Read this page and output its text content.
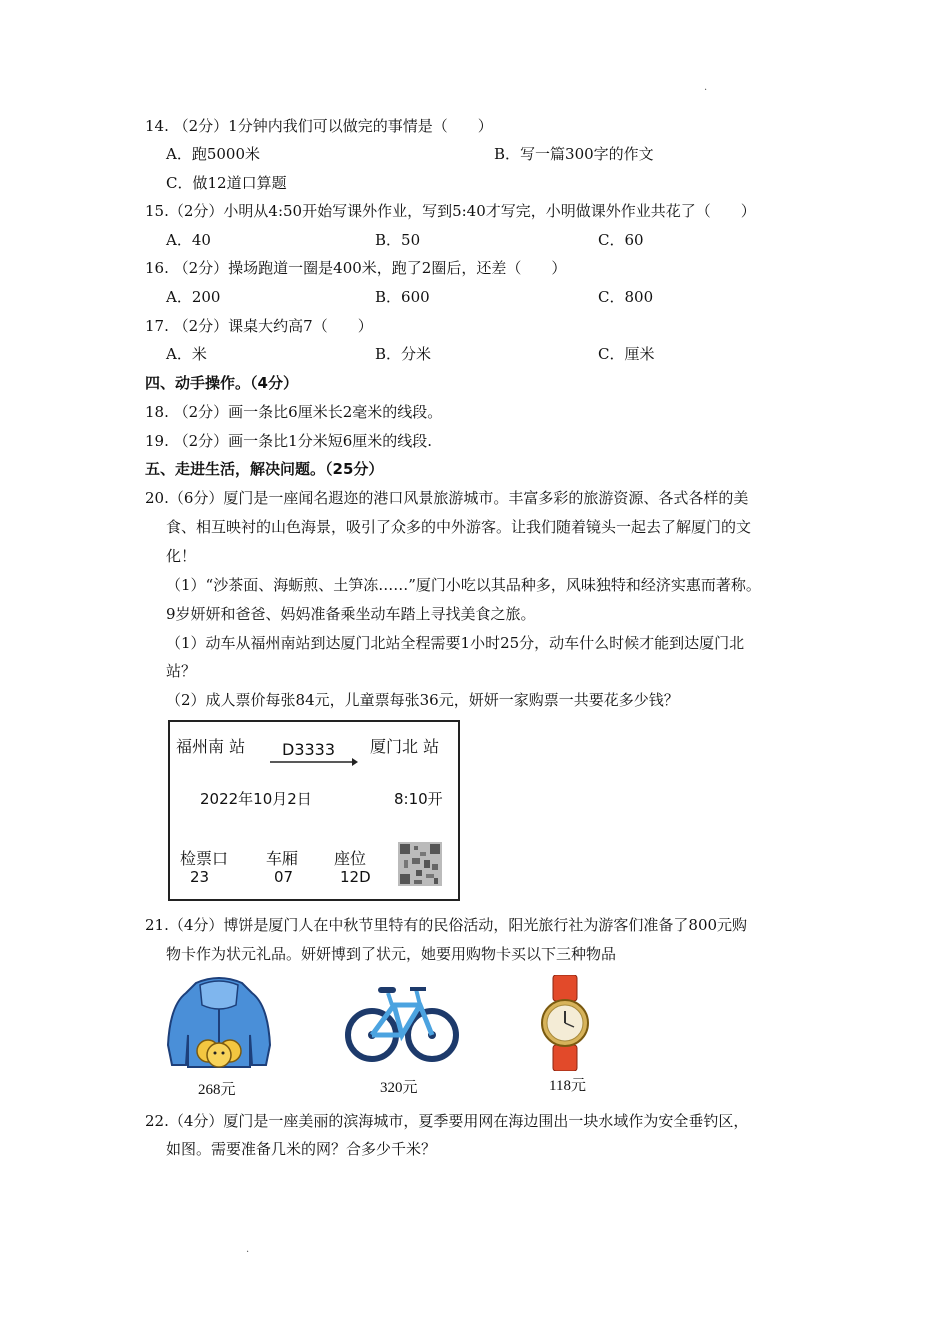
.
14. （2分）1分钟内我们可以做完的事情是（　　）
A．跑5000米	B．写一篇300字的作文
C．做12道口算题
15.（2分）小明从4:50开始写课外作业，写到5:40才写完，小明做课外作业共花了（　　）
A．40	B．50	C．60
16. （2分）操场跑道一圈是400米，跑了2圈后，还差（　　）
A．200	B．600	C．800
17. （2分）课桌大约高7（　　）
A．米	B．分米	C．厘米
四、动手操作。（4分）
18. （2分）画一条比6厘米长2毫米的线段。
19. （2分）画一条比1分米短6厘米的线段.
五、走进生活，解决问题。（25分）
20.（6分）厦门是一座闻名遐迩的港口风景旅游城市。丰富多彩的旅游资源、各式各样的美
食、相互映衬的山色海景，吸引了众多的中外游客。让我们随着镜头一起去了解厦门的文
化！
（1）“沙茶面、海蛎煎、土笋冻……”厦门小吃以其品种多，风味独特和经济实惠而著称。
9岁妍妍和爸爸、妈妈准备乘坐动车踏上寻找美食之旅。
（1）动车从福州南站到达厦门北站全程需要1小时25分，动车什么时候才能到达厦门北
站？
（2）成人票价每张84元，儿童票每张36元，妍妍一家购票一共要花多少钱？
福州南 站 D3333 厦门北 站
2022年10月2日	8:10开
检票口
23
车厢
07
座位
12D
21.（4分）博饼是厦门人在中秋节里特有的民俗活动，阳光旅行社为游客们准备了800元购
物卡作为状元礼品。妍妍博到了状元，她要用购物卡买以下三种物品
268元	320元	118元
22.（4分）厦门是一座美丽的滨海城市，夏季要用网在海边围出一块水域作为安全垂钓区，
如图。需要准备几米的网？合多少千米？
.
